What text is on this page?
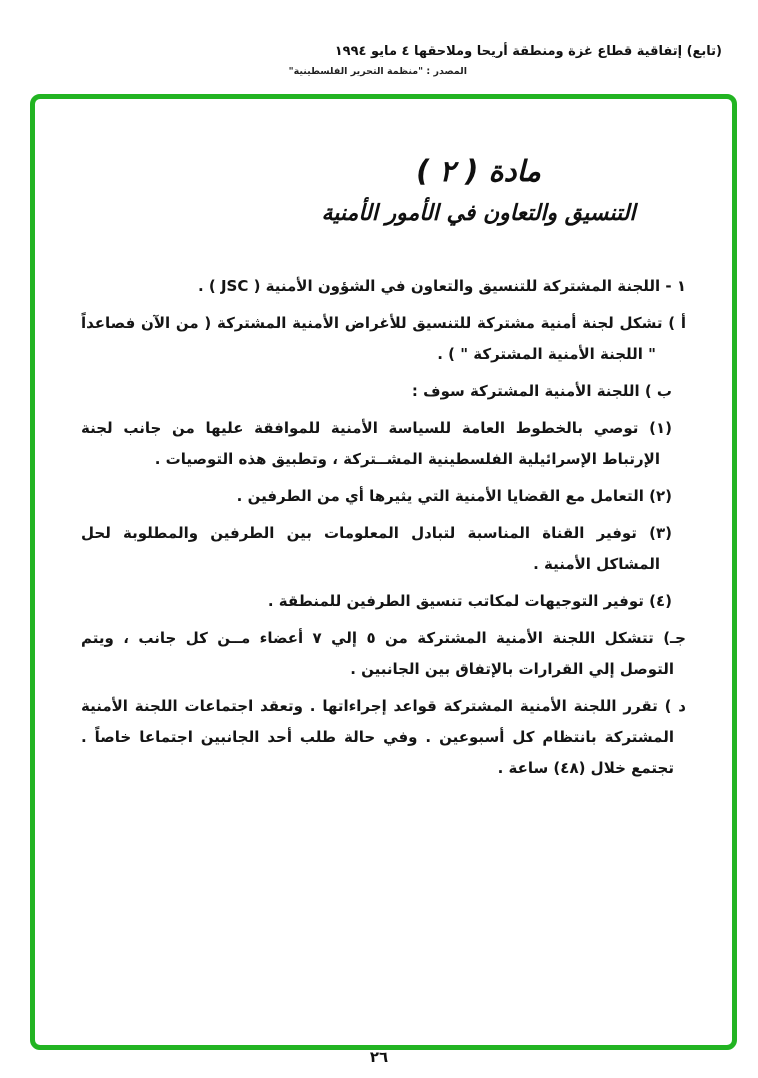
(تابع) إتفاقية قطاع غزة ومنطقة أريحا وملاحقها ٤ مايو ١٩٩٤
المصدر : "منظمة التحرير الفلسطينية"
مادة ( ٢ )
التنسيق والتعاون في الأمور الأمنية

١ - اللجنة المشتركة للتنسيق والتعاون في الشؤون الأمنية ( JSC ) .

أ ) تشكل لجنة أمنية مشتركة للتنسيق للأغراض الأمنية المشتركة ( من الآن فصاعداً " اللجنة الأمنية المشتركة " ) .

ب ) اللجنة الأمنية المشتركة سوف :

(١) توصي بالخطوط العامة للسياسة الأمنية للموافقة عليها من جانب لجنة الإرتباط الإسرائيلية الفلسطينية المشــتركة ، وتطبيق هذه التوصيات .

(٢) التعامل مع القضايا الأمنية التي يثيرها أي من الطرفين .

(٣) توفير القناة المناسبة لتبادل المعلومات بين الطرفين والمطلوبة لحل المشاكل الأمنية .

(٤) توفير التوجيهات لمكاتب تنسيق الطرفين للمنطقة .

جـ) تتشكل اللجنة الأمنية المشتركة من ٥ إلي ٧ أعضاء مــن كل جانب ، ويتم التوصل إلي القرارات بالإتفاق بين الجانبين .

د ) تقرر اللجنة الأمنية المشتركة قواعد إجراءاتها . وتعقد اجتماعات اللجنة الأمنية المشتركة بانتظام كل أسبوعين . وفي حالة طلب أحد الجانبين اجتماعا خاصاً . تجتمع خلال (٤٨) ساعة .

٢٦
